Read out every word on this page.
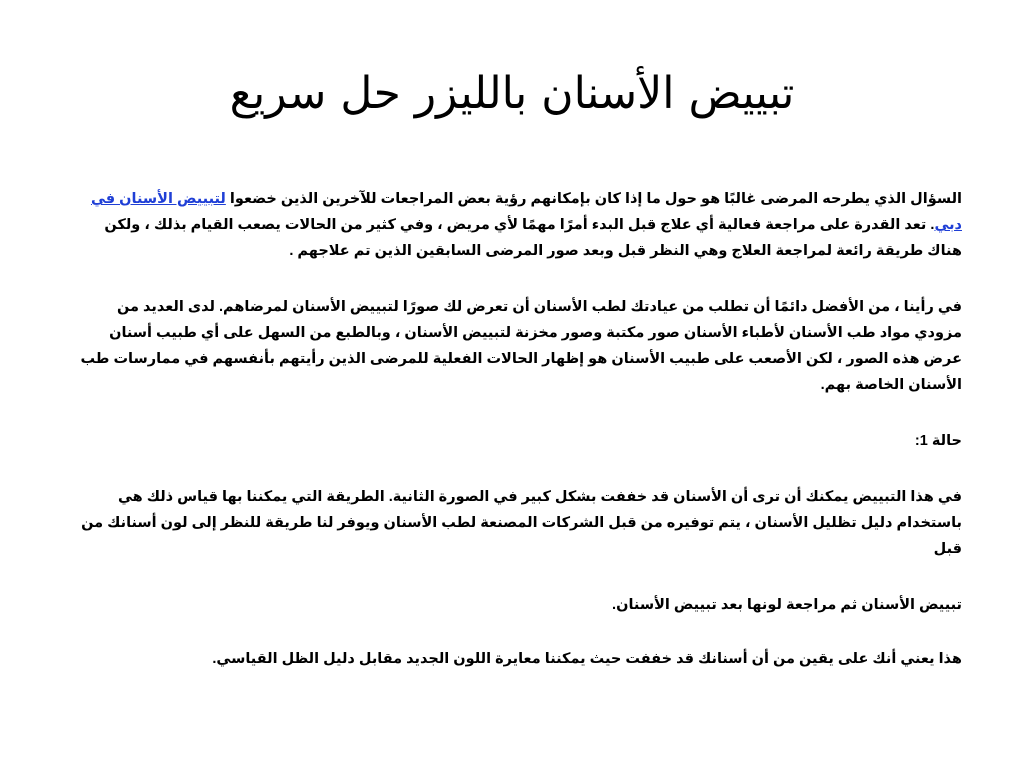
تبييض الأسنان بالليزر حل سريع

السؤال الذي يطرحه المرضى غالبًا هو حول ما إذا كان بإمكانهم رؤية بعض المراجعات للآخرين الذين خضعوا لتبييض الأسنان في دبي. تعد القدرة على مراجعة فعالية أي علاج قبل البدء أمرًا مهمًا لأي مريض ، وفي كثير من الحالات يصعب القيام بذلك ، ولكن هناك طريقة رائعة لمراجعة العلاج وهي النظر قبل وبعد صور المرضى السابقين الذين تم علاجهم .

في رأينا ، من الأفضل دائمًا أن تطلب من عيادتك لطب الأسنان أن تعرض لك صورًا لتبييض الأسنان لمرضاهم. لدى العديد من مزودي مواد طب الأسنان لأطباء الأسنان صور مكتبة وصور مخزنة لتبييض الأسنان ، وبالطبع من السهل على أي طبيب أسنان عرض هذه الصور ، لكن الأصعب على طبيب الأسنان هو إظهار الحالات الفعلية للمرضى الذين رأيتهم بأنفسهم في ممارسات طب الأسنان الخاصة بهم.

حالة 1:

في هذا التبييض يمكنك أن ترى أن الأسنان قد خففت بشكل كبير في الصورة الثانية. الطريقة التي يمكننا بها قياس ذلك هي باستخدام دليل تظليل الأسنان ، يتم توفيره من قبل الشركات المصنعة لطب الأسنان ويوفر لنا طريقة للنظر إلى لون أسنانك من قبل

تبييض الأسنان ثم مراجعة لونها بعد تبييض الأسنان.

هذا يعني أنك على يقين من أن أسنانك قد خففت حيث يمكننا معايرة اللون الجديد مقابل دليل الظل القياسي.
